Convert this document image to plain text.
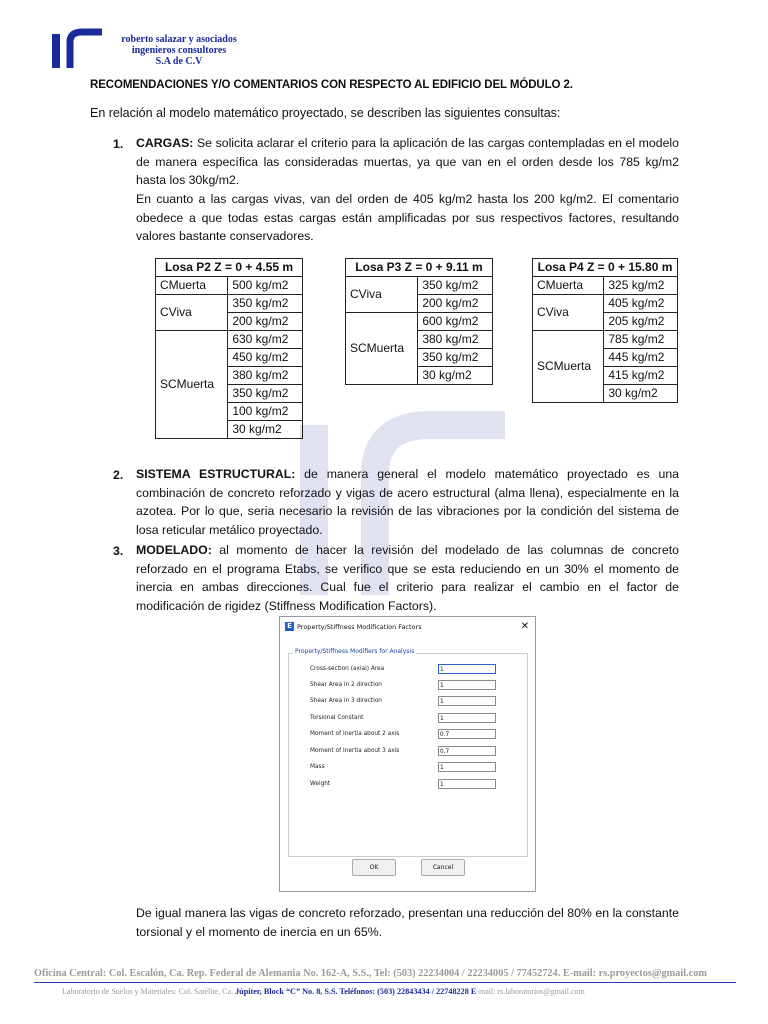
roberto salazar y asociados
ingenieros consultores
S.A de C.V
RECOMENDACIONES Y/O COMENTARIOS CON RESPECTO AL EDIFICIO DEL MÓDULO 2.
En relación al modelo matemático proyectado, se describen las siguientes consultas:
1. CARGAS: Se solicita aclarar el criterio para la aplicación de las cargas contempladas en el modelo de manera específica las consideradas muertas, ya que van en el orden desde los 785 kg/m2 hasta los 30kg/m2.
En cuanto a las cargas vivas, van del orden de 405 kg/m2 hasta los 200 kg/m2. El comentario obedece a que todas estas cargas están amplificadas por sus respectivos factores, resultando valores bastante conservadores.
Losa P2 Z = 0 + 4.55 m	
CMuerta	500 kg/m2
CViva	350 kg/m2
	200 kg/m2
SCMuerta	630 kg/m2
	450 kg/m2
	380 kg/m2
	350 kg/m2
	100 kg/m2
	30 kg/m2
Losa P3 Z = 0 + 9.11 m	
CViva	350 kg/m2
	200 kg/m2
SCMuerta	600 kg/m2
	380 kg/m2
	350 kg/m2
	30 kg/m2
Losa P4 Z = 0 + 15.80 m	
CMuerta	325 kg/m2
CViva	405 kg/m2
	205 kg/m2
SCMuerta	785 kg/m2
	445 kg/m2
	415 kg/m2
	30 kg/m2
2. SISTEMA ESTRUCTURAL: de manera general el modelo matemático proyectado es una combinación de concreto reforzado y vigas de acero estructural (alma llena), especialmente en la azotea. Por lo que, seria necesario la revisión de las vibraciones por la condición del sistema de losa reticular metálico proyectado.
3. MODELADO: al momento de hacer la revisión del modelado de las columnas de concreto reforzado en el programa Etabs, se verifico que se esta reduciendo en un 30% el momento de inercia en ambas direcciones. Cual fue el criterio para realizar el cambio en el factor de modificación de rigidez (Stiffness Modification Factors).
E Property/Stiffness Modification Factors	✕
Property/Stiffness Modifiers for Analysis
Cross-section (axial) Area	1
Shear Area in 2 direction	1
Shear Area in 3 direction	1
Torsional Constant	1
Moment of Inertia about 2 axis	0.7
Moment of Inertia about 3 axis	0.7
Mass	1
Weight	1
OK	Cancel
De igual manera las vigas de concreto reforzado, presentan una reducción del 80% en la constante torsional y el momento de inercia en un 65%.
Oficina Central: Col. Escalón, Ca. Rep. Federal de Alemania No. 162-A, S.S., Tel: (503) 22234004 / 22234005 / 77452724. E-mail: rs.proyectos@gmail.com
Laboratorio de Suelos y Materiales: Col. Satélite, Ca. Júpiter, Block “C” No. 8, S.S. Teléfonos: (503) 22843434 / 22748228 E-mail: rs.laboratorios@gmail.com
